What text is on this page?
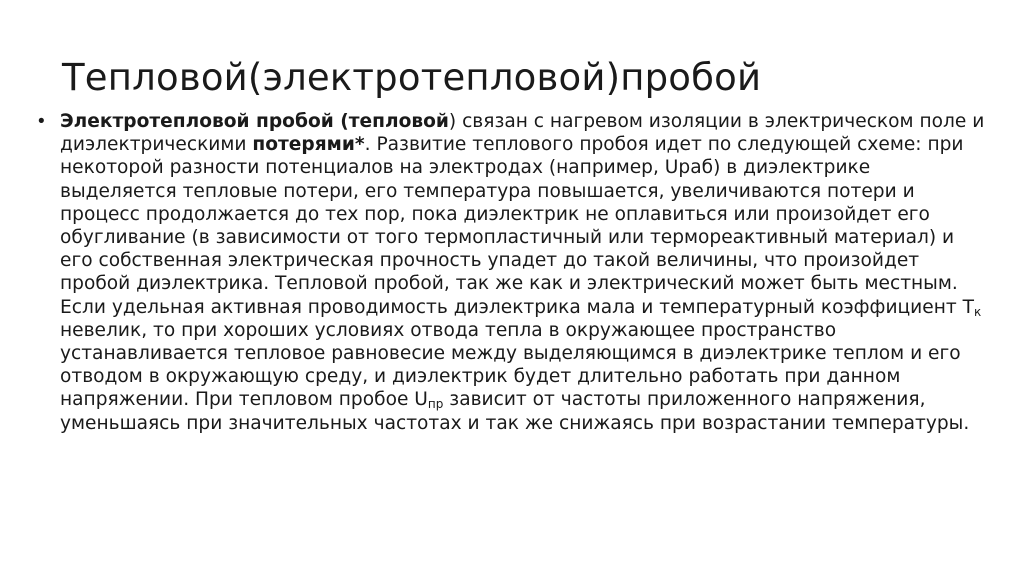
Тепловой(электротепловой)пробой
• Электротепловой пробой (тепловой) связан с нагревом изоляции в электрическом поле и диэлектрическими потерями*. Развитие теплового пробоя идет по следующей схеме: при некоторой разности потенциалов на электродах (например, Uраб) в диэлектрике выделяется тепловые потери, его температура повышается, увеличиваются потери и процесс продолжается до тех пор, пока диэлектрик не оплавиться или произойдет его обугливание (в зависимости от того термопластичный или термореактивный материал) и его собственная электрическая прочность упадет до такой величины, что произойдет пробой диэлектрика. Тепловой пробой, так же как и электрический может быть местным. Если удельная активная проводимость диэлектрика мала и температурный коэффициент $T_к$ невелик, то при хороших условиях отвода тепла в окружающее пространство устанавливается тепловое равновесие между выделяющимся в диэлектрике теплом и его отводом в окружающую среду, и диэлектрик будет длительно работать при данном напряжении. При тепловом пробое $U_{пр}$ зависит от частоты приложенного напряжения, уменьшаясь при значительных частотах и так же снижаясь при возрастании температуры.
